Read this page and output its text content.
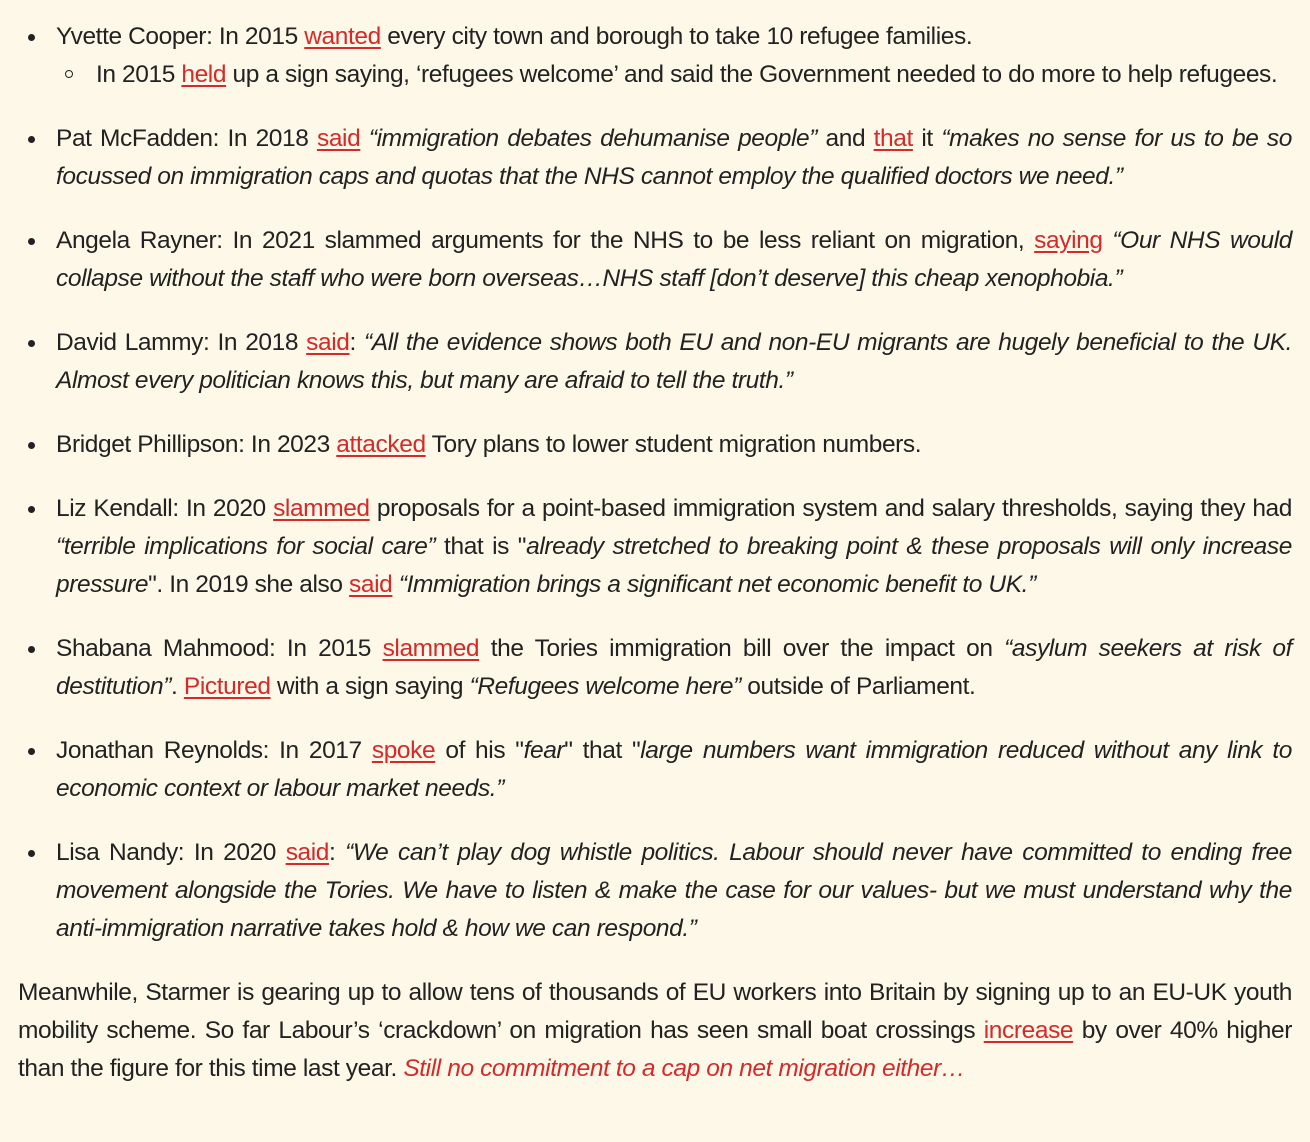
Yvette Cooper: In 2015 wanted every city town and borough to take 10 refugee families.
In 2015 held up a sign saying, ‘refugees welcome’ and said the Government needed to do more to help refugees.
Pat McFadden: In 2018 said “immigration debates dehumanise people” and that it “makes no sense for us to be so focussed on immigration caps and quotas that the NHS cannot employ the qualified doctors we need.”
Angela Rayner: In 2021 slammed arguments for the NHS to be less reliant on migration, saying “Our NHS would collapse without the staff who were born overseas…NHS staff [don’t deserve] this cheap xenophobia.”
David Lammy: In 2018 said: “All the evidence shows both EU and non-EU migrants are hugely beneficial to the UK. Almost every politician knows this, but many are afraid to tell the truth.”
Bridget Phillipson: In 2023 attacked Tory plans to lower student migration numbers.
Liz Kendall: In 2020 slammed proposals for a point-based immigration system and salary thresholds, saying they had “terrible implications for social care” that is "already stretched to breaking point & these proposals will only increase pressure". In 2019 she also said “Immigration brings a significant net economic benefit to UK.”
Shabana Mahmood: In 2015 slammed the Tories immigration bill over the impact on “asylum seekers at risk of destitution”. Pictured with a sign saying “Refugees welcome here” outside of Parliament.
Jonathan Reynolds: In 2017 spoke of his "fear" that "large numbers want immigration reduced without any link to economic context or labour market needs.”
Lisa Nandy: In 2020 said: “We can’t play dog whistle politics. Labour should never have committed to ending free movement alongside the Tories. We have to listen & make the case for our values- but we must understand why the anti-immigration narrative takes hold & how we can respond.”

Meanwhile, Starmer is gearing up to allow tens of thousands of EU workers into Britain by signing up to an EU-UK youth mobility scheme. So far Labour’s ‘crackdown’ on migration has seen small boat crossings increase by over 40% higher than the figure for this time last year. Still no commitment to a cap on net migration either…
